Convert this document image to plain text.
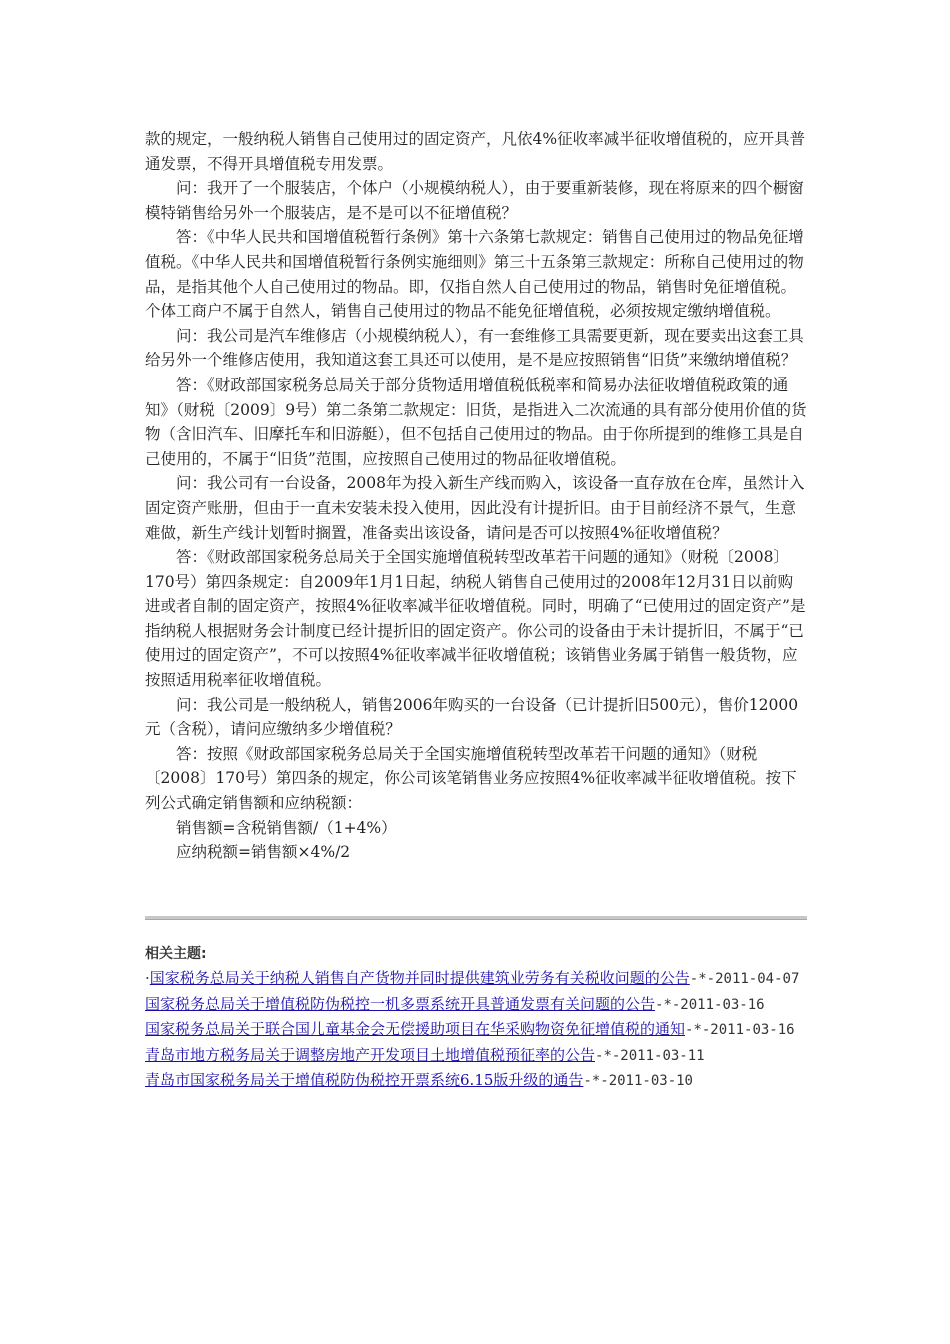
款的规定，一般纳税人销售自己使用过的固定资产，凡依4%征收率减半征收增值税的，应开具普通发票，不得开具增值税专用发票。

问：我开了一个服装店，个体户（小规模纳税人），由于要重新装修，现在将原来的四个橱窗模特销售给另外一个服装店，是不是可以不征增值税？

答：《中华人民共和国增值税暂行条例》第十六条第七款规定：销售自己使用过的物品免征增值税。《中华人民共和国增值税暂行条例实施细则》第三十五条第三款规定：所称自己使用过的物品，是指其他个人自己使用过的物品。即，仅指自然人自己使用过的物品，销售时免征增值税。个体工商户不属于自然人，销售自己使用过的物品不能免征增值税，必须按规定缴纳增值税。

问：我公司是汽车维修店（小规模纳税人），有一套维修工具需要更新，现在要卖出这套工具给另外一个维修店使用，我知道这套工具还可以使用，是不是应按照销售“旧货”来缴纳增值税？

答：《财政部国家税务总局关于部分货物适用增值税低税率和简易办法征收增值税政策的通知》（财税〔2009〕9号）第二条第二款规定：旧货，是指进入二次流通的具有部分使用价值的货物（含旧汽车、旧摩托车和旧游艇），但不包括自己使用过的物品。由于你所提到的维修工具是自己使用的，不属于“旧货”范围，应按照自己使用过的物品征收增值税。

问：我公司有一台设备，2008年为投入新生产线而购入，该设备一直存放在仓库，虽然计入固定资产账册，但由于一直未安装未投入使用，因此没有计提折旧。由于目前经济不景气，生意难做，新生产线计划暂时搁置，准备卖出该设备，请问是否可以按照4%征收增值税？

答：《财政部国家税务总局关于全国实施增值税转型改革若干问题的通知》（财税〔2008〕170号）第四条规定：自2009年1月1日起，纳税人销售自己使用过的2008年12月31日以前购进或者自制的固定资产，按照4%征收率减半征收增值税。同时，明确了“已使用过的固定资产”是指纳税人根据财务会计制度已经计提折旧的固定资产。你公司的设备由于未计提折旧，不属于“已使用过的固定资产”，不可以按照4%征收率减半征收增值税；该销售业务属于销售一般货物，应按照适用税率征收增值税。

问：我公司是一般纳税人，销售2006年购买的一台设备（已计提折旧500元），售价12000元（含税），请问应缴纳多少增值税？

答：按照《财政部国家税务总局关于全国实施增值税转型改革若干问题的通知》（财税〔2008〕170号）第四条的规定，你公司该笔销售业务应按照4%征收率减半征收增值税。按下列公式确定销售额和应纳税额：

销售额=含税销售额/（1+4%）

应纳税额=销售额×4%/2

相关主题:

·国家税务总局关于纳税人销售自产货物并同时提供建筑业劳务有关税收问题的公告-*-2011-04-07

国家税务总局关于增值税防伪税控一机多票系统开具普通发票有关问题的公告-*-2011-03-16

国家税务总局关于联合国儿童基金会无偿援助项目在华采购物资免征增值税的通知-*-2011-03-16

青岛市地方税务局关于调整房地产开发项目土地增值税预征率的公告-*-2011-03-11

青岛市国家税务局关于增值税防伪税控开票系统6.15版升级的通告-*-2011-03-10
